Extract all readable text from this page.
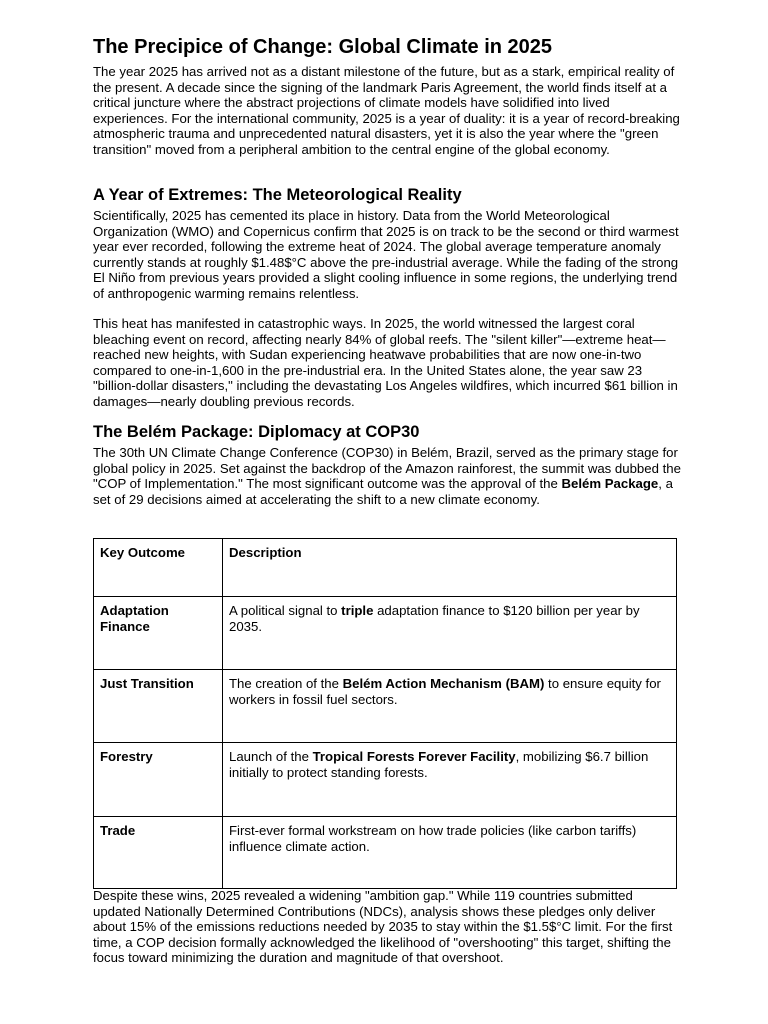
The Precipice of Change: Global Climate in 2025

The year 2025 has arrived not as a distant milestone of the future, but as a stark, empirical reality of the present. A decade since the signing of the landmark Paris Agreement, the world finds itself at a critical juncture where the abstract projections of climate models have solidified into lived experiences. For the international community, 2025 is a year of duality: it is a year of record-breaking atmospheric trauma and unprecedented natural disasters, yet it is also the year where the "green transition" moved from a peripheral ambition to the central engine of the global economy.

A Year of Extremes: The Meteorological Reality

Scientifically, 2025 has cemented its place in history. Data from the World Meteorological Organization (WMO) and Copernicus confirm that 2025 is on track to be the second or third warmest year ever recorded, following the extreme heat of 2024. The global average temperature anomaly currently stands at roughly $1.48$°C above the pre-industrial average. While the fading of the strong El Niño from previous years provided a slight cooling influence in some regions, the underlying trend of anthropogenic warming remains relentless.

This heat has manifested in catastrophic ways. In 2025, the world witnessed the largest coral bleaching event on record, affecting nearly 84% of global reefs. The "silent killer"—extreme heat—reached new heights, with Sudan experiencing heatwave probabilities that are now one-in-two compared to one-in-1,600 in the pre-industrial era. In the United States alone, the year saw 23 "billion-dollar disasters," including the devastating Los Angeles wildfires, which incurred $61 billion in damages—nearly doubling previous records.

The Belém Package: Diplomacy at COP30

The 30th UN Climate Change Conference (COP30) in Belém, Brazil, served as the primary stage for global policy in 2025. Set against the backdrop of the Amazon rainforest, the summit was dubbed the "COP of Implementation." The most significant outcome was the approval of the Belém Package, a set of 29 decisions aimed at accelerating the shift to a new climate economy.

Key Outcome	Description
Adaptation Finance	A political signal to triple adaptation finance to $120 billion per year by 2035.
Just Transition	The creation of the Belém Action Mechanism (BAM) to ensure equity for workers in fossil fuel sectors.
Forestry	Launch of the Tropical Forests Forever Facility, mobilizing $6.7 billion initially to protect standing forests.
Trade	First-ever formal workstream on how trade policies (like carbon tariffs) influence climate action.

Despite these wins, 2025 revealed a widening "ambition gap." While 119 countries submitted updated Nationally Determined Contributions (NDCs), analysis shows these pledges only deliver about 15% of the emissions reductions needed by 2035 to stay within the $1.5$°C limit. For the first time, a COP decision formally acknowledged the likelihood of "overshooting" this target, shifting the focus toward minimizing the duration and magnitude of that overshoot.
